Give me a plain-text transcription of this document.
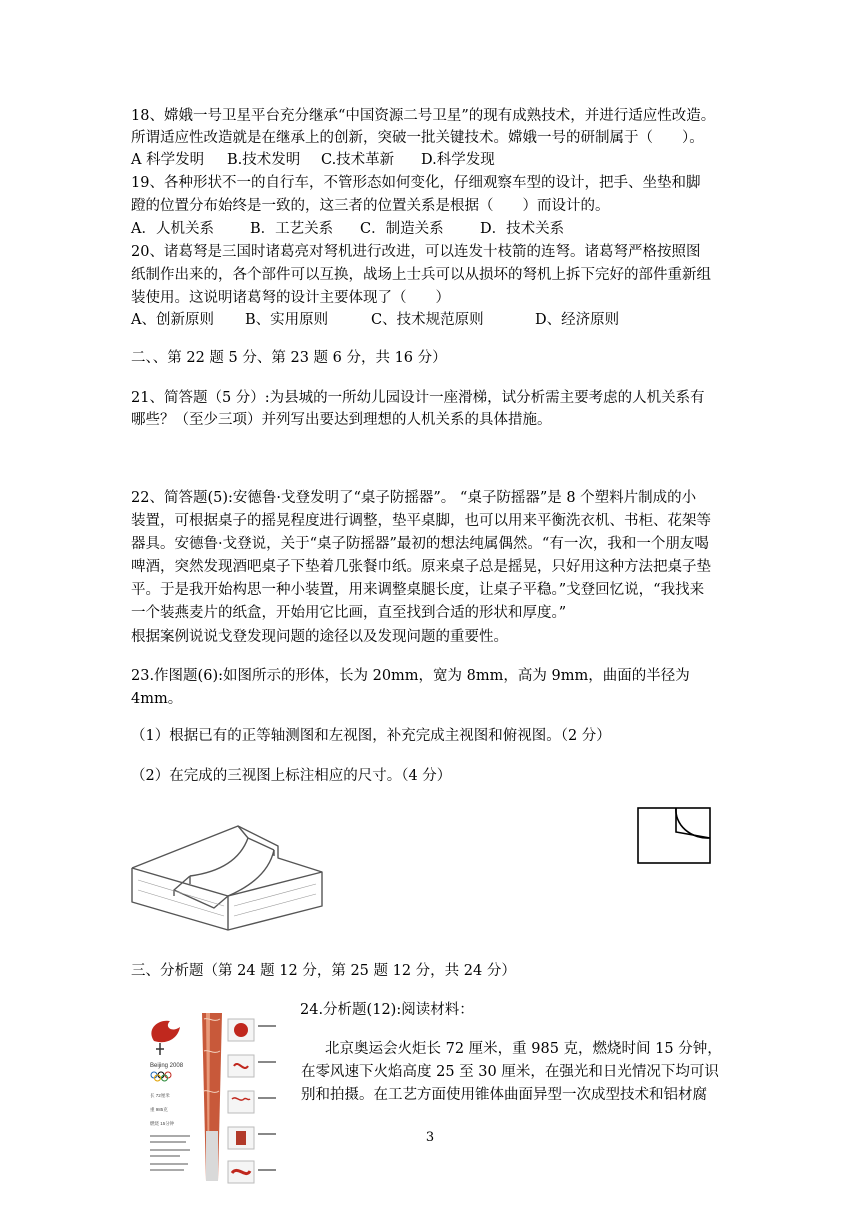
18、嫦娥一号卫星平台充分继承“中国资源二号卫星”的现有成熟技术，并进行适应性改造。
所谓适应性改造就是在继承上的创新，突破一批关键技术。嫦娥一号的研制属于（　　）。
A 科学发明 B.技术发明 C.技术革新 D.科学发现
19、各种形状不一的自行车，不管形态如何变化，仔细观察车型的设计，把手、坐垫和脚
蹬的位置分布始终是一致的，这三者的位置关系是根据（　　）而设计的。
A．人机关系 B．工艺关系 C．制造关系	D．技术关系
20、诸葛弩是三国时诸葛亮对弩机进行改进，可以连发十枝箭的连弩。诸葛弩严格按照图
纸制作出来的，各个部件可以互换，战场上士兵可以从损坏的弩机上拆下完好的部件重新组
装使用。这说明诸葛弩的设计主要体现了（　　）
A、创新原则 B、实用原则	C、技术规范原则	D、经济原则
二、、第 22 题 5 分、第 23 题 6 分，共 16 分）
21、简答题（5 分）:为县城的一所幼儿园设计一座滑梯，试分析需主要考虑的人机关系有
哪些？（至少三项）并列写出要达到理想的人机关系的具体措施。
22、简答题(5):安德鲁·戈登发明了“桌子防摇器”。 “桌子防摇器”是 8 个塑料片制成的小
装置，可根据桌子的摇晃程度进行调整，垫平桌脚，也可以用来平衡洗衣机、书柜、花架等
器具。安德鲁·戈登说，关于“桌子防摇器”最初的想法纯属偶然。“有一次，我和一个朋友喝
啤酒，突然发现酒吧桌子下垫着几张餐巾纸。原来桌子总是摇晃，只好用这种方法把桌子垫
平。于是我开始构思一种小装置，用来调整桌腿长度，让桌子平稳。”戈登回忆说，“我找来
一个装燕麦片的纸盒，开始用它比画，直至找到合适的形状和厚度。”
根据案例说说戈登发现问题的途径以及发现问题的重要性。
23.作图题(6):如图所示的形体，长为 20mm，宽为 8mm，高为 9mm，曲面的半径为
4mm。
（1）根据已有的正等轴测图和左视图，补充完成主视图和俯视图。（2 分）
（2）在完成的三视图上标注相应的尺寸。（4 分）
三、分析题（第 24 题 12 分，第 25 题 12 分，共 24 分）
Beijing 2008
长 72厘米
重 985克
燃烧 15分钟
24.分析题(12):阅读材料：
北京奥运会火炬长 72 厘米，重 985 克，燃烧时间 15 分钟，
在零风速下火焰高度 25 至 30 厘米，在强光和日光情况下均可识
别和拍摄。在工艺方面使用锥体曲面异型一次成型技术和铝材腐
3
